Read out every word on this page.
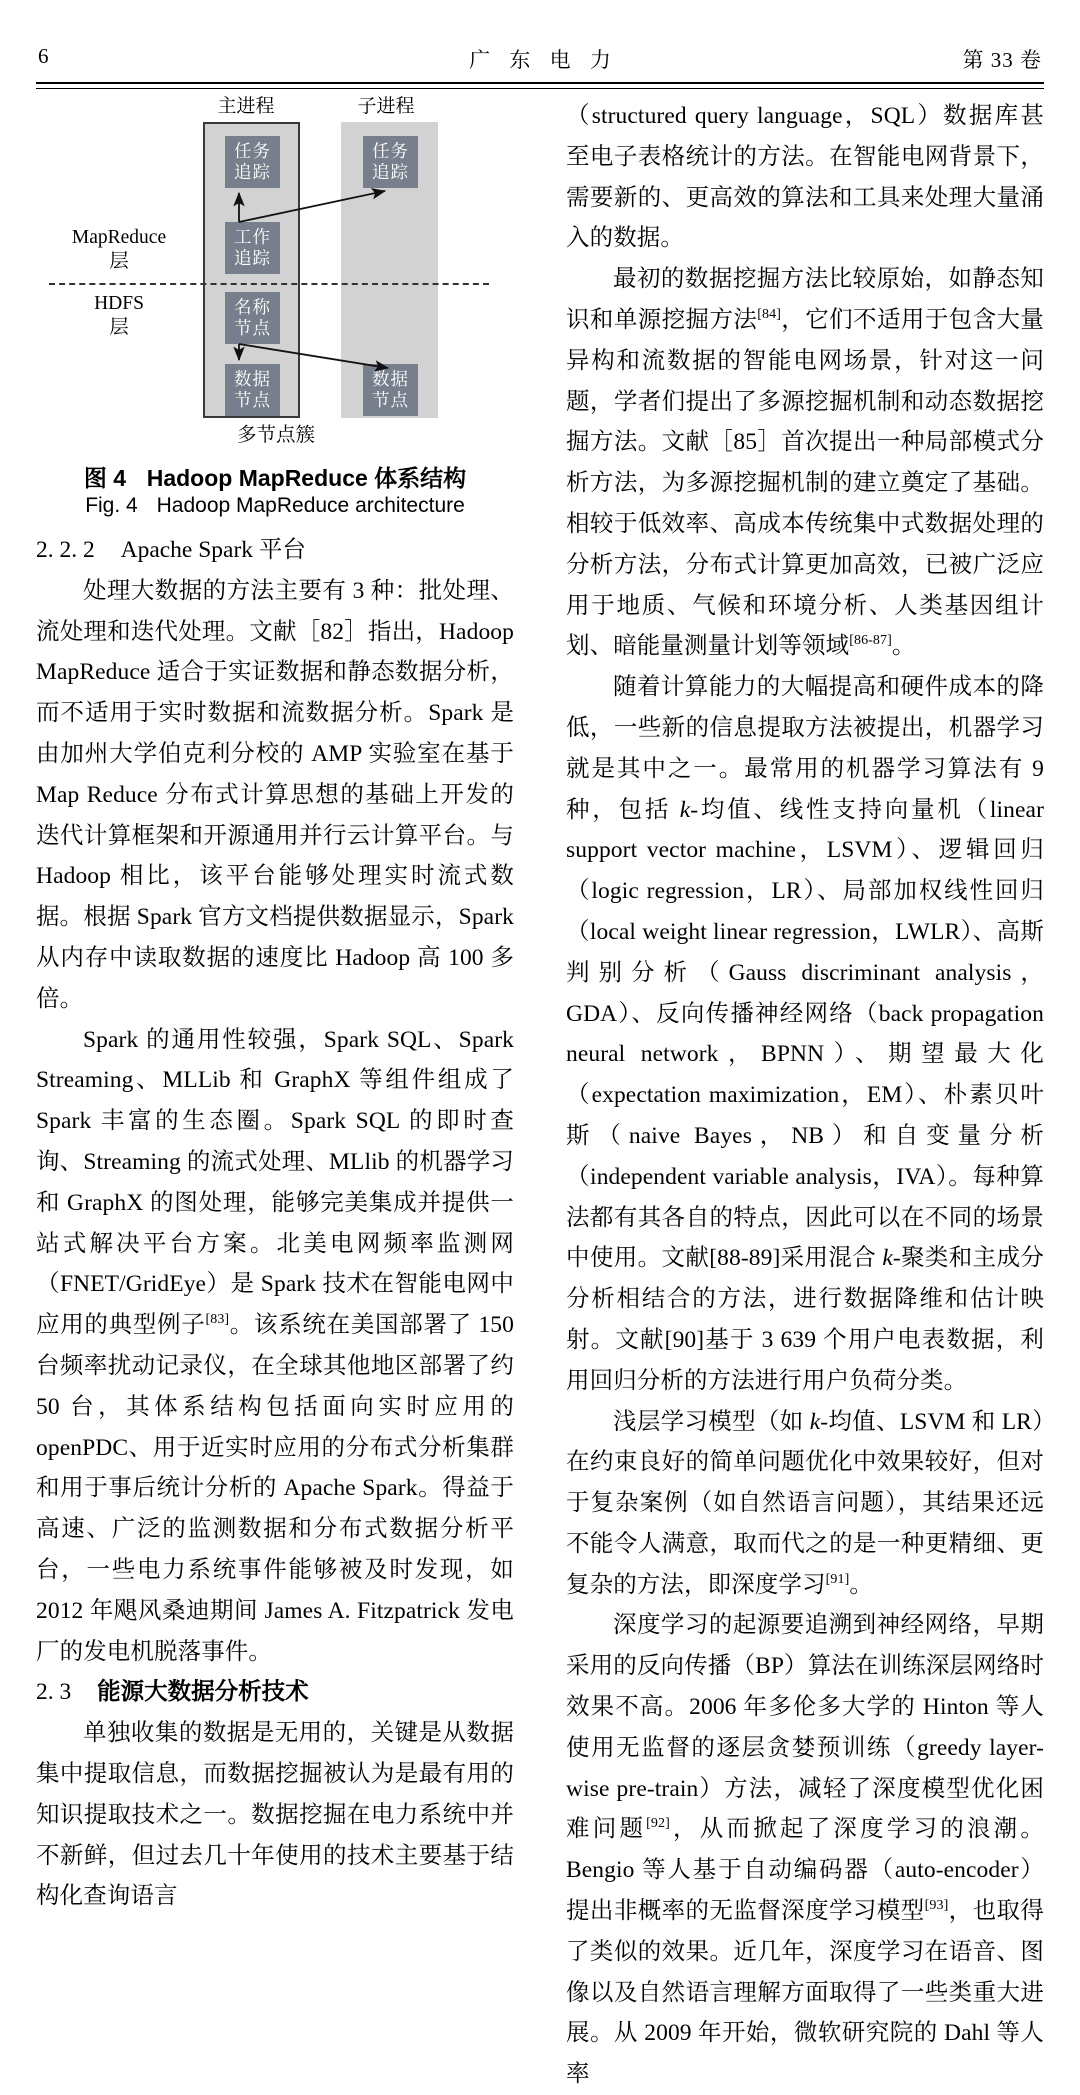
6	广 东 电 力	第 33 卷
主进程	子进程
任务
追踪
工作
追踪
名称
节点
数据
节点
任务
追踪
数据
节点
MapReduce
层
HDFS
层
多节点簇
图 4 Hadoop MapReduce 体系结构
Fig. 4 Hadoop MapReduce architecture
2. 2. 2 Apache Spark 平台

处理大数据的方法主要有 3 种：批处理、流处理和迭代处理。文献［82］指出，Hadoop MapReduce 适合于实证数据和静态数据分析，而不适用于实时数据和流数据分析。Spark 是由加州大学伯克利分校的 AMP 实验室在基于 Map Reduce 分布式计算思想的基础上开发的迭代计算框架和开源通用并行云计算平台。与 Hadoop 相比，该平台能够处理实时流式数据。根据 Spark 官方文档提供数据显示，Spark 从内存中读取数据的速度比 Hadoop 高 100 多倍。

Spark 的通用性较强，Spark SQL、Spark Streaming、MLLib 和 GraphX 等组件组成了 Spark 丰富的生态圈。Spark SQL 的即时查询、Streaming 的流式处理、MLlib 的机器学习和 GraphX 的图处理，能够完美集成并提供一站式解决平台方案。北美电网频率监测网（FNET/GridEye）是 Spark 技术在智能电网中应用的典型例子[83]。该系统在美国部署了 150 台频率扰动记录仪，在全球其他地区部署了约 50 台，其体系结构包括面向实时应用的 openPDC、用于近实时应用的分布式分析集群和用于事后统计分析的 Apache Spark。得益于高速、广泛的监测数据和分布式数据分析平台，一些电力系统事件能够被及时发现，如 2012 年飓风桑迪期间 James A. Fitzpatrick 发电厂的发电机脱落事件。

2. 3 能源大数据分析技术

单独收集的数据是无用的，关键是从数据集中提取信息，而数据挖掘被认为是最有用的知识提取技术之一。数据挖掘在电力系统中并不新鲜，但过去几十年使用的技术主要基于结构化查询语言

（structured query language，SQL）数据库甚至电子表格统计的方法。在智能电网背景下，需要新的、更高效的算法和工具来处理大量涌入的数据。

最初的数据挖掘方法比较原始，如静态知识和单源挖掘方法[84]，它们不适用于包含大量异构和流数据的智能电网场景，针对这一问题，学者们提出了多源挖掘机制和动态数据挖掘方法。文献［85］首次提出一种局部模式分析方法，为多源挖掘机制的建立奠定了基础。相较于低效率、高成本传统集中式数据处理的分析方法，分布式计算更加高效，已被广泛应用于地质、气候和环境分析、人类基因组计划、暗能量测量计划等领域[86-87]。

随着计算能力的大幅提高和硬件成本的降低，一些新的信息提取方法被提出，机器学习就是其中之一。最常用的机器学习算法有 9 种，包括 k-均值、线性支持向量机（linear support vector machine，LSVM）、逻辑回归（logic regression，LR）、局部加权线性回归（local weight linear regression，LWLR）、高斯判别分析（Gauss discriminant analysis，GDA）、反向传播神经网络（back propagation neural network，BPNN）、期望最大化（expectation maximization，EM）、朴素贝叶斯（naive Bayes，NB）和自变量分析（independent variable analysis，IVA）。每种算法都有其各自的特点，因此可以在不同的场景中使用。文献[88-89]采用混合 k-聚类和主成分分析相结合的方法，进行数据降维和估计映射。文献[90]基于 3 639 个用户电表数据，利用回归分析的方法进行用户负荷分类。

浅层学习模型（如 k-均值、LSVM 和 LR）在约束良好的简单问题优化中效果较好，但对于复杂案例（如自然语言问题），其结果还远不能令人满意，取而代之的是一种更精细、更复杂的方法，即深度学习[91]。

深度学习的起源要追溯到神经网络，早期采用的反向传播（BP）算法在训练深层网络时效果不高。2006 年多伦多大学的 Hinton 等人使用无监督的逐层贪婪预训练（greedy layer-wise pre-train）方法，减轻了深度模型优化困难问题[92]，从而掀起了深度学习的浪潮。Bengio 等人基于自动编码器（auto-encoder）提出非概率的无监督深度学习模型[93]，也取得了类似的效果。近几年，深度学习在语音、图像以及自然语言理解方面取得了一些类重大进展。从 2009 年开始，微软研究院的 Dahl 等人率
